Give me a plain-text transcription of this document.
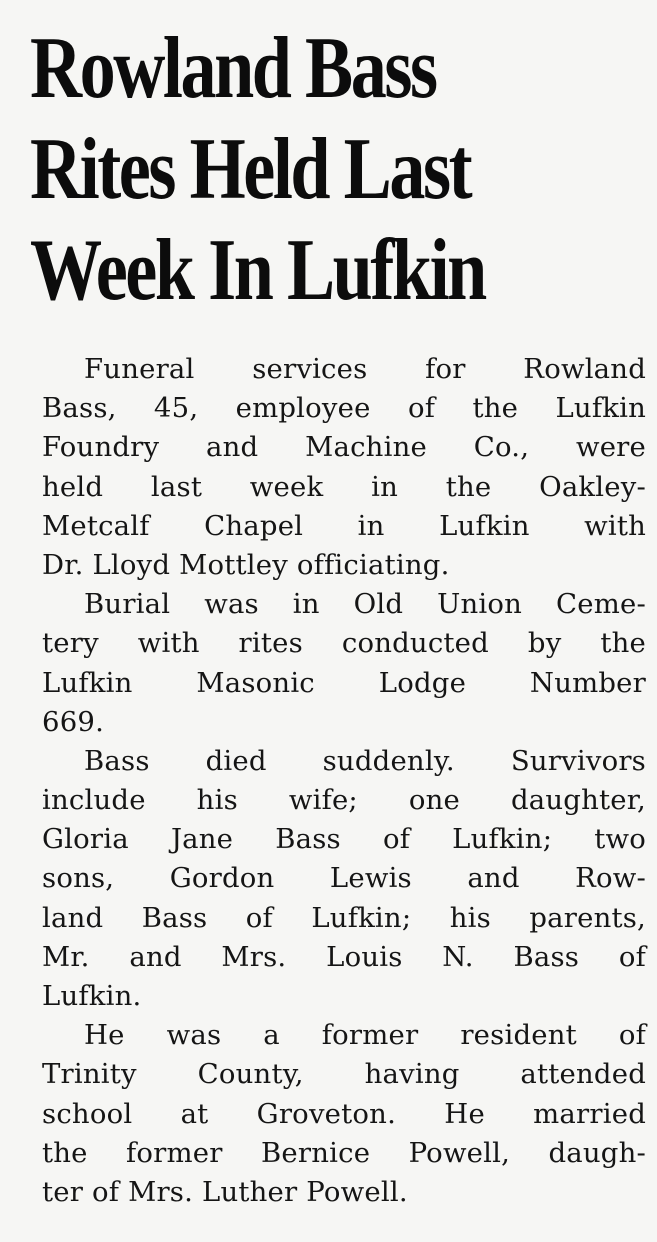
Rowland Bass
Rites Held Last
Week In Lufkin
Funeral services for Rowland
Bass, 45, employee of the Lufkin
Foundry and Machine Co., were
held last week in the Oakley-
Metcalf Chapel in Lufkin with
Dr. Lloyd Mottley officiating.
Burial was in Old Union Ceme-
tery with rites conducted by the
Lufkin Masonic Lodge Number
669.
Bass died suddenly. Survivors
include his wife; one daughter,
Gloria Jane Bass of Lufkin; two
sons, Gordon Lewis and Row-
land Bass of Lufkin; his parents,
Mr. and Mrs. Louis N. Bass of
Lufkin.
He was a former resident of
Trinity County, having attended
school at Groveton. He married
the former Bernice Powell, daugh-
ter of Mrs. Luther Powell.
